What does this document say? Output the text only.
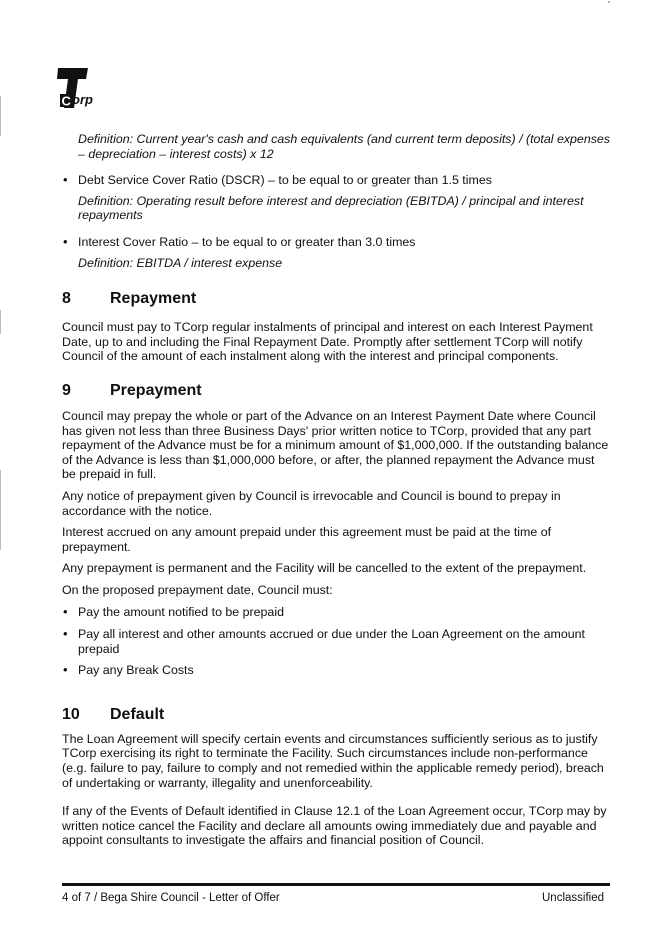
'
C orp

Definition: Current year's cash and cash equivalents (and current term deposits) / (total expenses – depreciation – interest costs) x 12

• Debt Service Cover Ratio (DSCR) – to be equal to or greater than 1.5 times

Definition: Operating result before interest and depreciation (EBITDA) / principal and interest repayments

• Interest Cover Ratio – to be equal to or greater than 3.0 times

Definition: EBITDA / interest expense

8	Repayment

Council must pay to TCorp regular instalments of principal and interest on each Interest Payment Date, up to and including the Final Repayment Date. Promptly after settlement TCorp will notify Council of the amount of each instalment along with the interest and principal components.

9	Prepayment

Council may prepay the whole or part of the Advance on an Interest Payment Date where Council has given not less than three Business Days' prior written notice to TCorp, provided that any part repayment of the Advance must be for a minimum amount of $1,000,000. If the outstanding balance of the Advance is less than $1,000,000 before, or after, the planned repayment the Advance must be prepaid in full.

Any notice of prepayment given by Council is irrevocable and Council is bound to prepay in accordance with the notice.

Interest accrued on any amount prepaid under this agreement must be paid at the time of prepayment.

Any prepayment is permanent and the Facility will be cancelled to the extent of the prepayment.

On the proposed prepayment date, Council must:

• Pay the amount notified to be prepaid
• Pay all interest and other amounts accrued or due under the Loan Agreement on the amount prepaid
• Pay any Break Costs
10	Default

The Loan Agreement will specify certain events and circumstances sufficiently serious as to justify TCorp exercising its right to terminate the Facility. Such circumstances include non-performance (e.g. failure to pay, failure to comply and not remedied within the applicable remedy period), breach of undertaking or warranty, illegality and unenforceability.

If any of the Events of Default identified in Clause 12.1 of the Loan Agreement occur, TCorp may by written notice cancel the Facility and declare all amounts owing immediately due and payable and appoint consultants to investigate the affairs and financial position of Council.

4 of 7 / Bega Shire Council - Letter of Offer	Unclassified
